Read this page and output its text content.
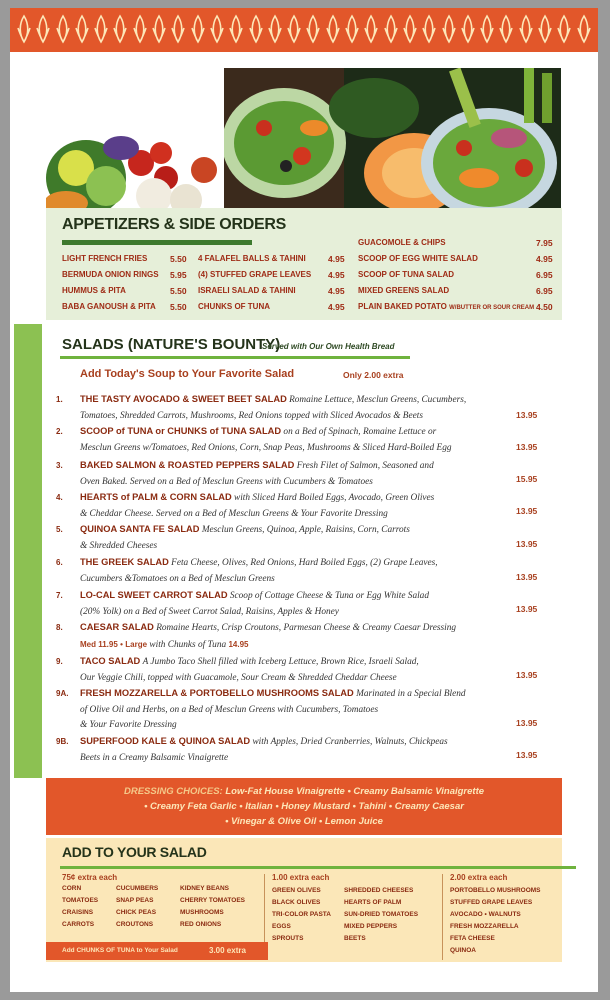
APPETIZERS & SIDE ORDERS
LIGHT FRENCH FRIES	5.50
BERMUDA ONION RINGS 5.95
HUMMUS & PITA	5.50
BABA GANOUSH & PITA 5.50
4 FALAFEL BALLS & TAHINI	4.95
(4) STUFFED GRAPE LEAVES 4.95
ISRAELI SALAD & TAHINI	4.95
CHUNKS OF TUNA	4.95
GUACOMOLE & CHIPS	7.95
SCOOP OF EGG WHITE SALAD	4.95
SCOOP OF TUNA SALAD	6.95
MIXED GREENS SALAD	6.95
PLAIN BAKED POTATO W/BUTTER OR SOUR CREAM 4.50
SALADS (NATURE'S BOUNTY)
Served with Our Own Health Bread
Add Today's Soup to Your Favorite Salad	Only 2.00 extra
1. THE TASTY AVOCADO & SWEET BEET SALAD Romaine Lettuce, Mesclun Greens, Cucumbers,
Tomatoes, Shredded Carrots, Mushrooms, Red Onions topped with Sliced Avocados & Beets	13.95
2. SCOOP of TUNA or CHUNKS of TUNA SALAD on a Bed of Spinach, Romaine Lettuce or
Mesclun Greens w/Tomatoes, Red Onions, Corn, Snap Peas, Mushrooms & Sliced Hard-Boiled Egg	13.95
3. BAKED SALMON & ROASTED PEPPERS SALAD Fresh Filet of Salmon, Seasoned and
Oven Baked. Served on a Bed of Mesclun Greens with Cucumbers & Tomatoes	15.95
4. HEARTS of PALM & CORN SALAD with Sliced Hard Boiled Eggs, Avocado, Green Olives
& Cheddar Cheese. Served on a Bed of Mesclun Greens & Your Favorite Dressing	13.95
5. QUINOA SANTA FE SALAD Mesclun Greens, Quinoa, Apple, Raisins, Corn, Carrots
& Shredded Cheeses	13.95
6. THE GREEK SALAD Feta Cheese, Olives, Red Onions, Hard Boiled Eggs, (2) Grape Leaves,
Cucumbers &Tomatoes on a Bed of Mesclun Greens	13.95
7. LO-CAL SWEET CARROT SALAD Scoop of Cottage Cheese & Tuna or Egg White Salad
(20% Yolk) on a Bed of Sweet Carrot Salad, Raisins, Apples & Honey	13.95
8. CAESAR SALAD Romaine Hearts, Crisp Croutons, Parmesan Cheese & Creamy Caesar Dressing
Med 11.95 • Large with Chunks of Tuna 14.95
9. TACO SALAD A Jumbo Taco Shell filled with Iceberg Lettuce, Brown Rice, Israeli Salad,
Our Veggie Chili, topped with Guacamole, Sour Cream & Shredded Cheddar Cheese	13.95
9A. FRESH MOZZARELLA & PORTOBELLO MUSHROOMS SALAD Marinated in a Special Blend
of Olive Oil and Herbs, on a Bed of Mesclun Greens with Cucumbers, Tomatoes
& Your Favorite Dressing	13.95
9B. SUPERFOOD KALE & QUINOA SALAD with Apples, Dried Cranberries, Walnuts, Chickpeas
Beets in a Creamy Balsamic Vinaigrette	13.95
DRESSING CHOICES: Low-Fat House Vinaigrette • Creamy Balsamic Vinaigrette
• Creamy Feta Garlic • Italian • Honey Mustard • Tahini • Creamy Caesar
• Vinegar & Olive Oil • Lemon Juice
ADD TO YOUR SALAD
75¢ extra each
CORN
TOMATOES
CRAISINS
CARROTS
CUCUMBERS
SNAP PEAS
CHICK PEAS
CROUTONS
KIDNEY BEANS
CHERRY TOMATOES
MUSHROOMS
RED ONIONS
1.00 extra each
GREEN OLIVES
BLACK OLIVES
TRI-COLOR PASTA
EGGS
SPROUTS
SHREDDED CHEESES
HEARTS OF PALM
SUN-DRIED TOMATOES
MIXED PEPPERS
BEETS
2.00 extra each
PORTOBELLO MUSHROOMS
STUFFED GRAPE LEAVES
AVOCADO • WALNUTS
FRESH MOZZARELLA
FETA CHEESE
QUINOA
Add CHUNKS OF TUNA to Your Salad	3.00 extra
